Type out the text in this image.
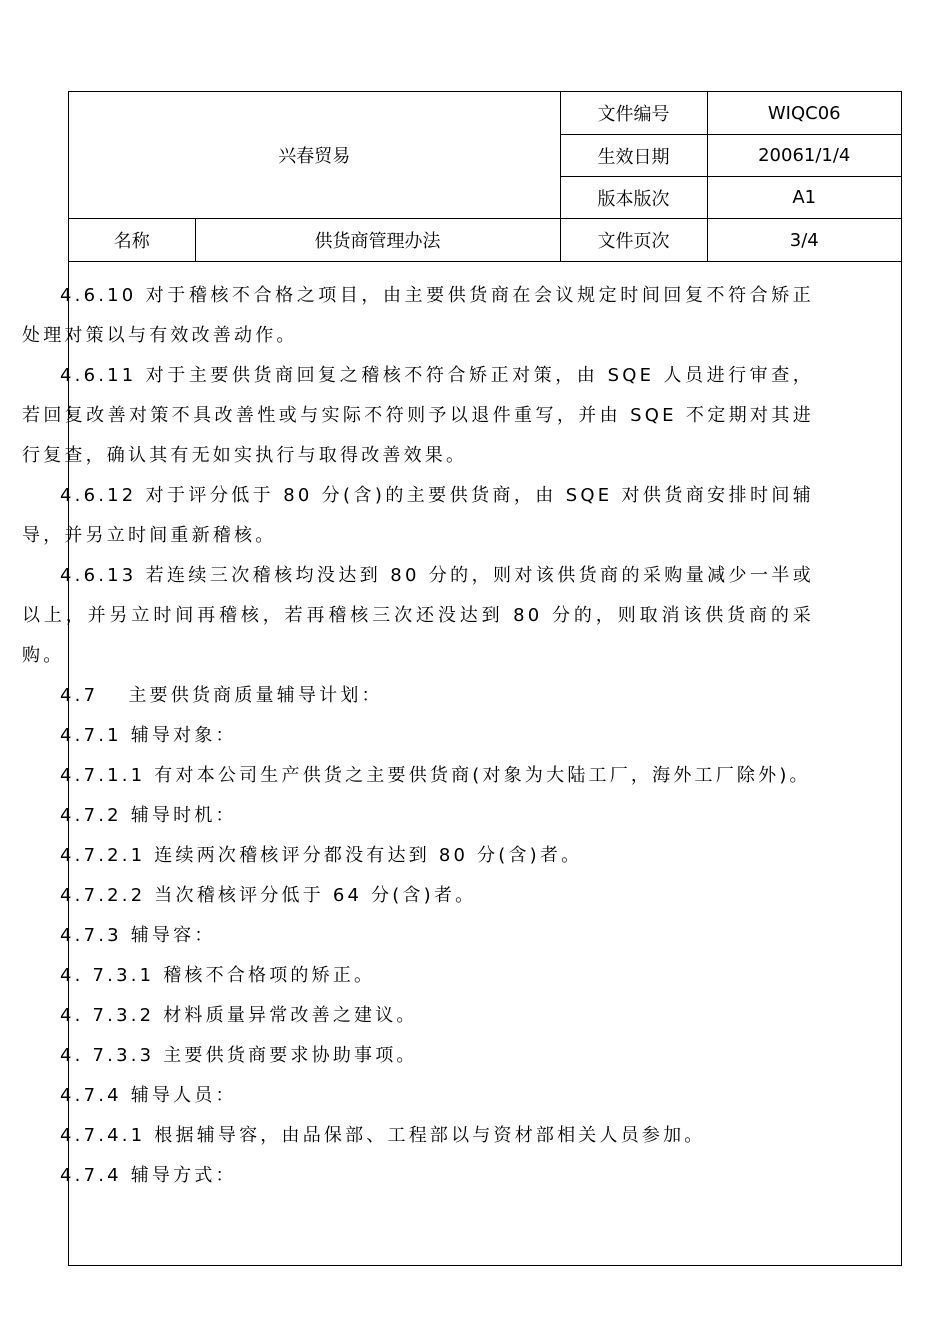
兴春贸易		文件编号	WIQC06
		生效日期	20061/1/4
		版本版次	A1
名称	供货商管理办法	文件页次	3/4

4.6.10 对于稽核不合格之项目，由主要供货商在会议规定时间回复不符合矫正处理对策以与有效改善动作。

4.6.11 对于主要供货商回复之稽核不符合矫正对策，由 SQE 人员进行审查，若回复改善对策不具改善性或与实际不符则予以退件重写，并由 SQE 不定期对其进行复查，确认其有无如实执行与取得改善效果。

4.6.12 对于评分低于 80 分(含)的主要供货商，由 SQE 对供货商安排时间辅导，并另立时间重新稽核。

4.6.13 若连续三次稽核均没达到 80 分的，则对该供货商的采购量减少一半或以上，并另立时间再稽核，若再稽核三次还没达到 80 分的，则取消该供货商的采购。

4.7　 主要供货商质量辅导计划：

4.7.1 辅导对象：

4.7.1.1 有对本公司生产供货之主要供货商(对象为大陆工厂，海外工厂除外)。

4.7.2 辅导时机：

4.7.2.1 连续两次稽核评分都没有达到 80 分(含)者。

4.7.2.2 当次稽核评分低于 64 分(含)者。

4.7.3 辅导容：

4. 7.3.1 稽核不合格项的矫正。

4. 7.3.2 材料质量异常改善之建议。

4. 7.3.3 主要供货商要求协助事项。

4.7.4 辅导人员：

4.7.4.1 根据辅导容，由品保部、工程部以与资材部相关人员参加。

4.7.4 辅导方式：
